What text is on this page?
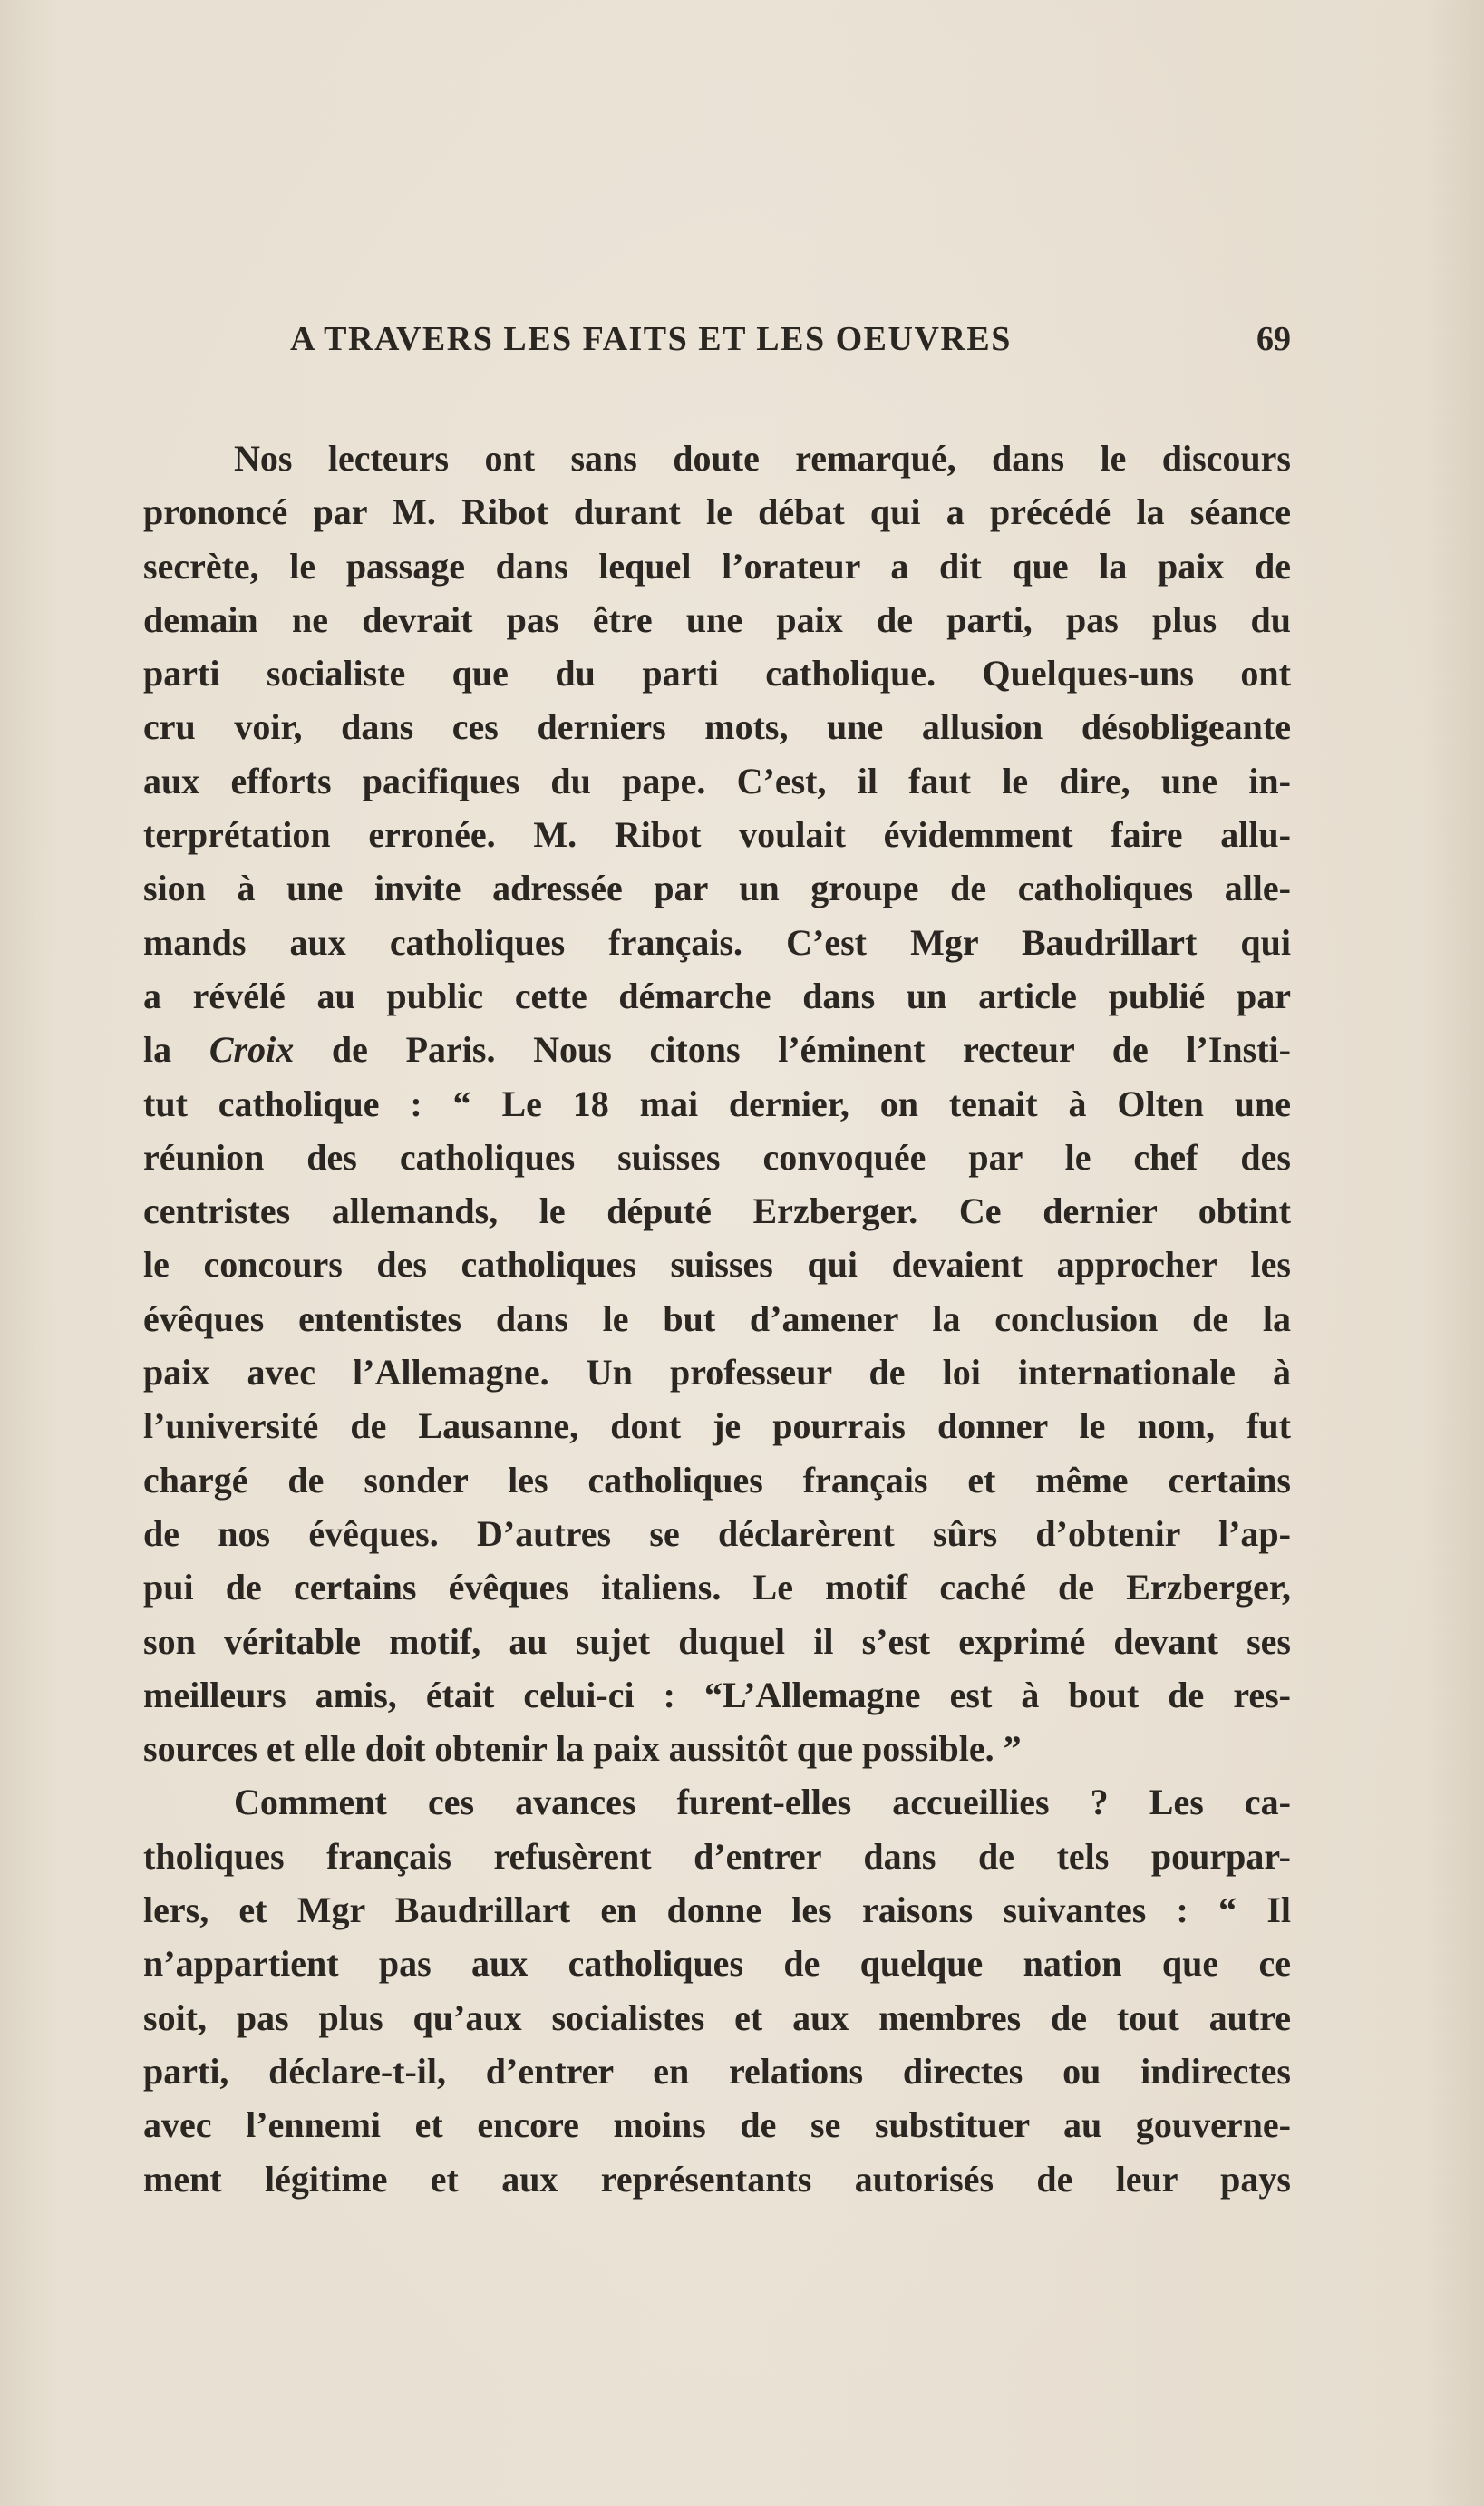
A TRAVERS LES FAITS ET LES OEUVRES	69
Nos lecteurs ont sans doute remarqué, dans le discours
prononcé par M. Ribot durant le débat qui a précédé la séance
secrète, le passage dans lequel l’orateur a dit que la paix de
demain ne devrait pas être une paix de parti, pas plus du
parti socialiste que du parti catholique. Quelques-uns ont
cru voir, dans ces derniers mots, une allusion désobligeante
aux efforts pacifiques du pape. C’est, il faut le dire, une in-
terprétation erronée. M. Ribot voulait évidemment faire allu-
sion à une invite adressée par un groupe de catholiques alle-
mands aux catholiques français. C’est Mgr Baudrillart qui
a révélé au public cette démarche dans un article publié par
la Croix de Paris. Nous citons l’éminent recteur de l’Insti-
tut catholique : “ Le 18 mai dernier, on tenait à Olten une
réunion des catholiques suisses convoquée par le chef des
centristes allemands, le député Erzberger. Ce dernier obtint
le concours des catholiques suisses qui devaient approcher les
évêques ententistes dans le but d’amener la conclusion de la
paix avec l’Allemagne. Un professeur de loi internationale à
l’université de Lausanne, dont je pourrais donner le nom, fut
chargé de sonder les catholiques français et même certains
de nos évêques. D’autres se déclarèrent sûrs d’obtenir l’ap-
pui de certains évêques italiens. Le motif caché de Erzberger,
son véritable motif, au sujet duquel il s’est exprimé devant ses
meilleurs amis, était celui-ci : “L’Allemagne est à bout de res-
sources et elle doit obtenir la paix aussitôt que possible. ”
Comment ces avances furent-elles accueillies ? Les ca-
tholiques français refusèrent d’entrer dans de tels pourpar-
lers, et Mgr Baudrillart en donne les raisons suivantes : “ Il
n’appartient pas aux catholiques de quelque nation que ce
soit, pas plus qu’aux socialistes et aux membres de tout autre
parti, déclare-t-il, d’entrer en relations directes ou indirectes
avec l’ennemi et encore moins de se substituer au gouverne-
ment légitime et aux représentants autorisés de leur pays
